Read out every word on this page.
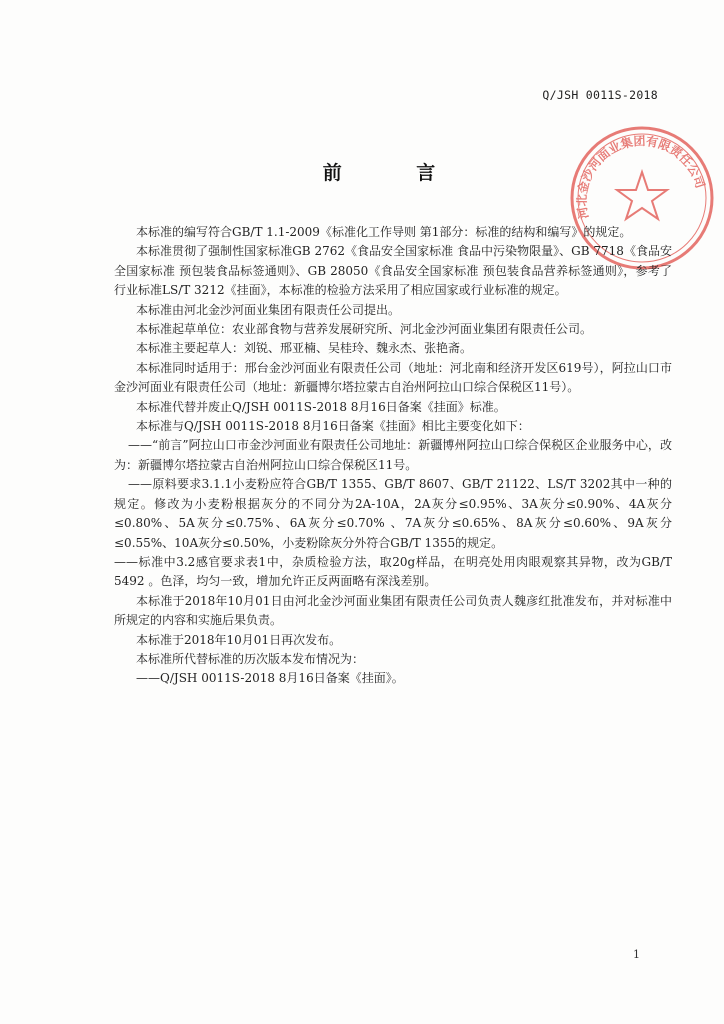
Q/JSH 0011S-2018
河北金沙河面业集团有限责任公司
前 言

本标准的编写符合GB/T 1.1-2009《标准化工作导则 第1部分：标准的结构和编写》的规定。

本标准贯彻了强制性国家标准GB 2762《食品安全国家标准 食品中污染物限量》、GB 7718《食品安全国家标准 预包装食品标签通则》、GB 28050《食品安全国家标准 预包装食品营养标签通则》，参考了行业标准LS/T 3212《挂面》，本标准的检验方法采用了相应国家或行业标准的规定。

本标准由河北金沙河面业集团有限责任公司提出。

本标准起草单位：农业部食物与营养发展研究所、河北金沙河面业集团有限责任公司。

本标准主要起草人：刘锐、邢亚楠、吴桂玲、魏永杰、张艳斋。

本标准同时适用于：邢台金沙河面业有限责任公司（地址：河北南和经济开发区619号），阿拉山口市金沙河面业有限责任公司（地址：新疆博尔塔拉蒙古自治州阿拉山口综合保税区11号）。

本标准代替并废止Q/JSH 0011S-2018 8月16日备案《挂面》标准。

本标准与Q/JSH 0011S-2018 8月16日备案《挂面》相比主要变化如下：

——“前言”阿拉山口市金沙河面业有限责任公司地址：新疆博州阿拉山口综合保税区企业服务中心，改为：新疆博尔塔拉蒙古自治州阿拉山口综合保税区11号。

——原料要求3.1.1小麦粉应符合GB/T 1355、GB/T 8607、GB/T 21122、LS/T 3202其中一种的规定。修改为小麦粉根据灰分的不同分为2A-10A，2A灰分≤0.95%、3A灰分≤0.90%、4A灰分≤0.80%、5A灰分≤0.75%、6A灰分≤0.70% 、7A灰分≤0.65%、8A灰分≤0.60%、9A灰分≤0.55%、10A灰分≤0.50%，小麦粉除灰分外符合GB/T 1355的规定。

——标准中3.2感官要求表1中，杂质检验方法，取20g样品，在明亮处用肉眼观察其异物，改为GB/T 5492 。色泽，均匀一致，增加允许正反两面略有深浅差别。

本标准于2018年10月01日由河北金沙河面业集团有限责任公司负责人魏彦红批准发布，并对标准中所规定的内容和实施后果负责。

本标准于2018年10月01日再次发布。

本标准所代替标准的历次版本发布情况为：

——Q/JSH 0011S-2018 8月16日备案《挂面》。

1
